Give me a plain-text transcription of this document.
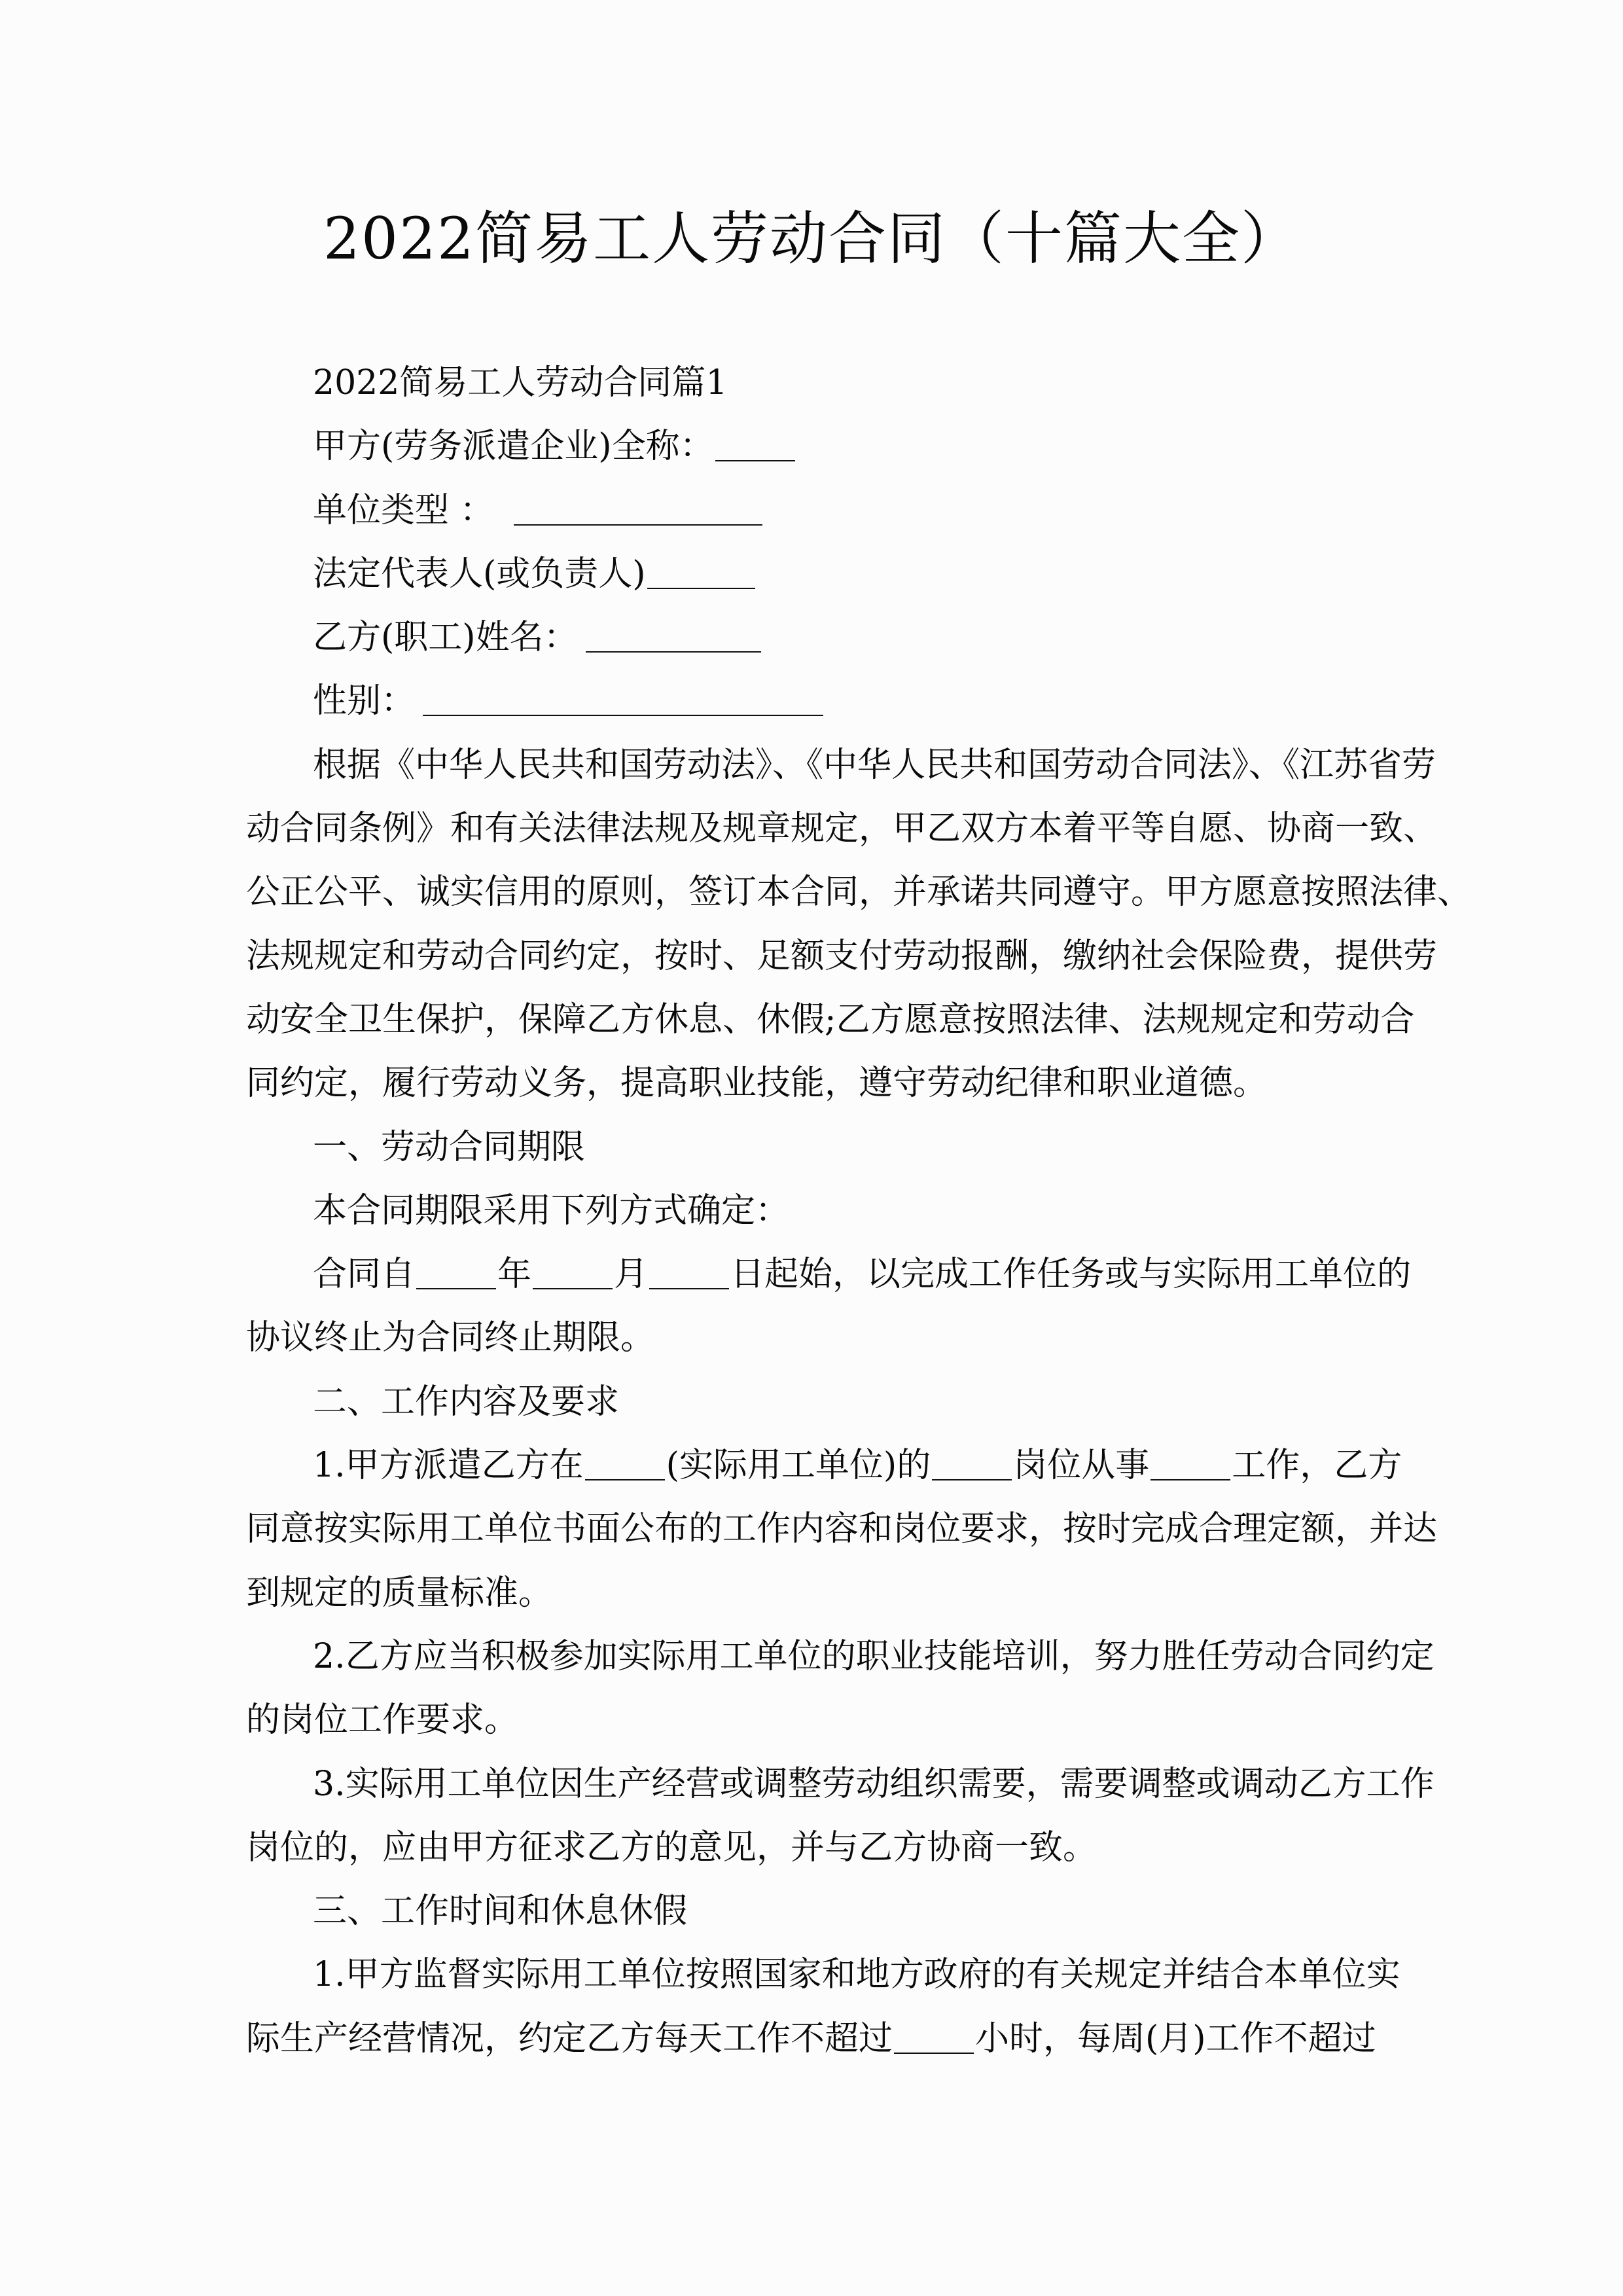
2022简易工人劳动合同（十篇大全）
2022简易工人劳动合同篇1
甲方(劳务派遣企业)全称：
单位类型 ：
法定代表人(或负责人)
乙方(职工)姓名：
性别：
根据《中华人民共和国劳动法》、《中华人民共和国劳动合同法》、《江苏省劳
动合同条例》和有关法律法规及规章规定，甲乙双方本着平等自愿、协商一致、
公正公平、诚实信用的原则，签订本合同，并承诺共同遵守。甲方愿意按照法律、
法规规定和劳动合同约定，按时、足额支付劳动报酬，缴纳社会保险费，提供劳
动安全卫生保护，保障乙方休息、休假;乙方愿意按照法律、法规规定和劳动合
同约定，履行劳动义务，提高职业技能，遵守劳动纪律和职业道德。
一、劳动合同期限
本合同期限采用下列方式确定：
合同自 年 月 日起始，以完成工作任务或与实际用工单位的
协议终止为合同终止期限。
二、工作内容及要求
1.甲方派遣乙方在 (实际用工单位)的 岗位从事 工作，乙方
同意按实际用工单位书面公布的工作内容和岗位要求，按时完成合理定额，并达
到规定的质量标准。
2.乙方应当积极参加实际用工单位的职业技能培训，努力胜任劳动合同约定
的岗位工作要求。
3.实际用工单位因生产经营或调整劳动组织需要，需要调整或调动乙方工作
岗位的，应由甲方征求乙方的意见，并与乙方协商一致。
三、工作时间和休息休假
1.甲方监督实际用工单位按照国家和地方政府的有关规定并结合本单位实
际生产经营情况，约定乙方每天工作不超过 小时，每周(月)工作不超过
